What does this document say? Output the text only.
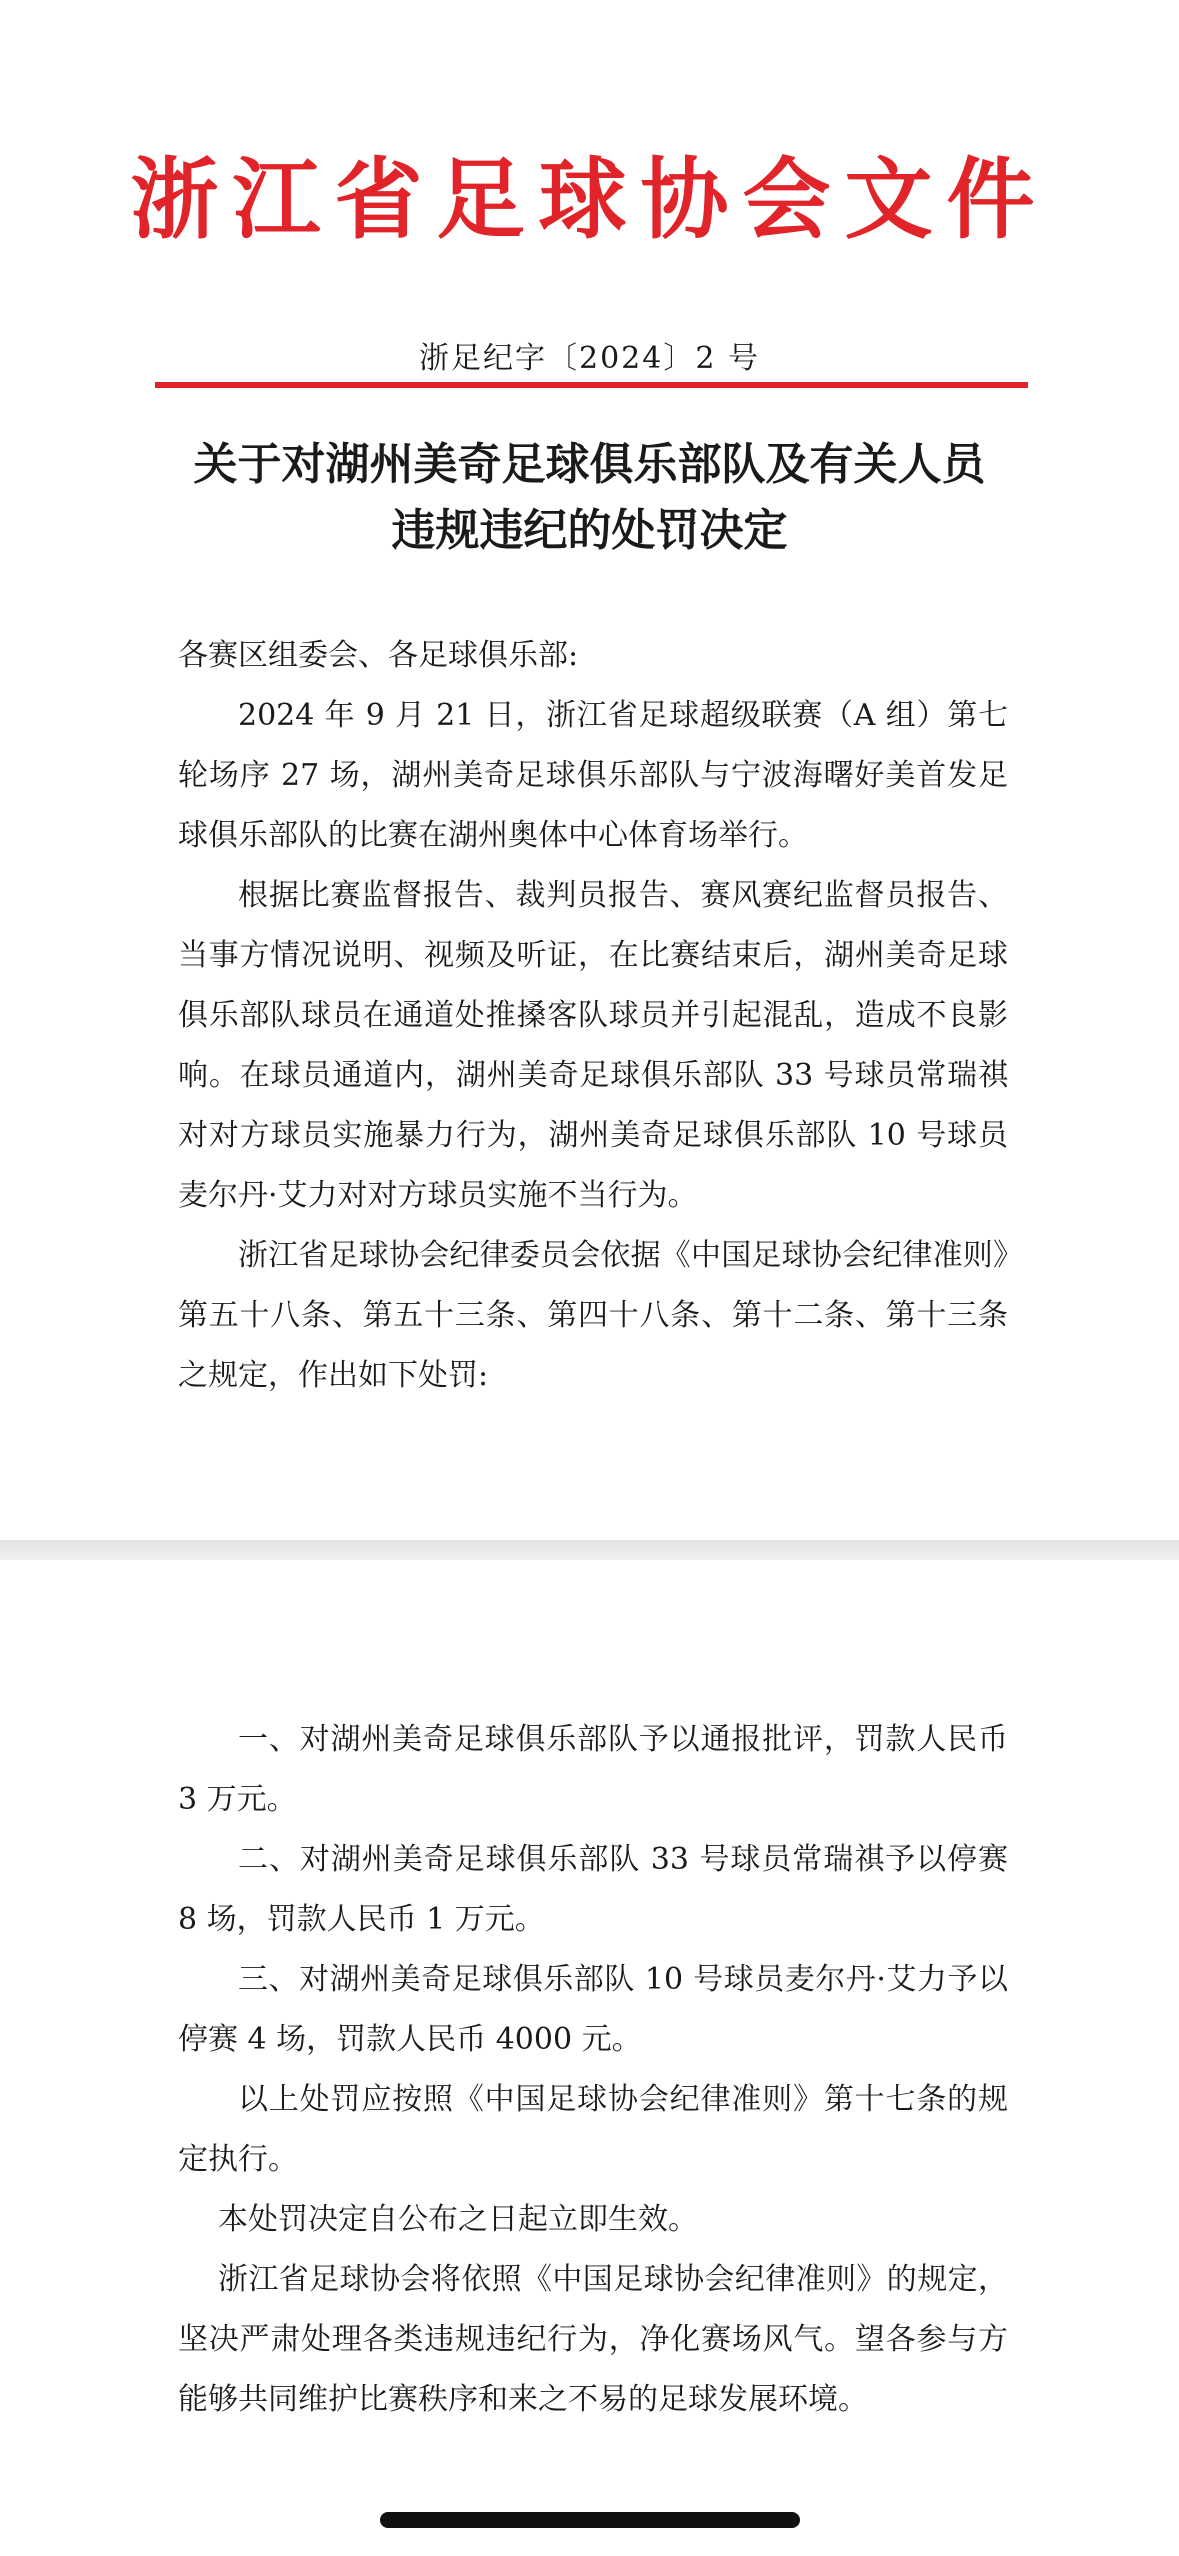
浙江省足球协会文件
浙足纪字〔2024〕2 号
关于对湖州美奇足球俱乐部队及有关人员
违规违纪的处罚决定

各赛区组委会、各足球俱乐部:

2024 年 9 月 21 日，浙江省足球超级联赛（A 组）第七轮场序 27 场，湖州美奇足球俱乐部队与宁波海曙好美首发足球俱乐部队的比赛在湖州奥体中心体育场举行。

根据比赛监督报告、裁判员报告、赛风赛纪监督员报告、当事方情况说明、视频及听证，在比赛结束后，湖州美奇足球俱乐部队球员在通道处推搡客队球员并引起混乱，造成不良影响。在球员通道内，湖州美奇足球俱乐部队 33 号球员常瑞祺对对方球员实施暴力行为，湖州美奇足球俱乐部队 10 号球员麦尔丹·艾力对对方球员实施不当行为。

浙江省足球协会纪律委员会依据《中国足球协会纪律准则》第五十八条、第五十三条、第四十八条、第十二条、第十三条之规定，作出如下处罚:

一、对湖州美奇足球俱乐部队予以通报批评，罚款人民币 3 万元。

二、对湖州美奇足球俱乐部队 33 号球员常瑞祺予以停赛 8 场，罚款人民币 1 万元。

三、对湖州美奇足球俱乐部队 10 号球员麦尔丹·艾力予以停赛 4 场，罚款人民币 4000 元。

以上处罚应按照《中国足球协会纪律准则》第十七条的规定执行。

本处罚决定自公布之日起立即生效。

浙江省足球协会将依照《中国足球协会纪律准则》的规定，坚决严肃处理各类违规违纪行为，净化赛场风气。望各参与方能够共同维护比赛秩序和来之不易的足球发展环境。
